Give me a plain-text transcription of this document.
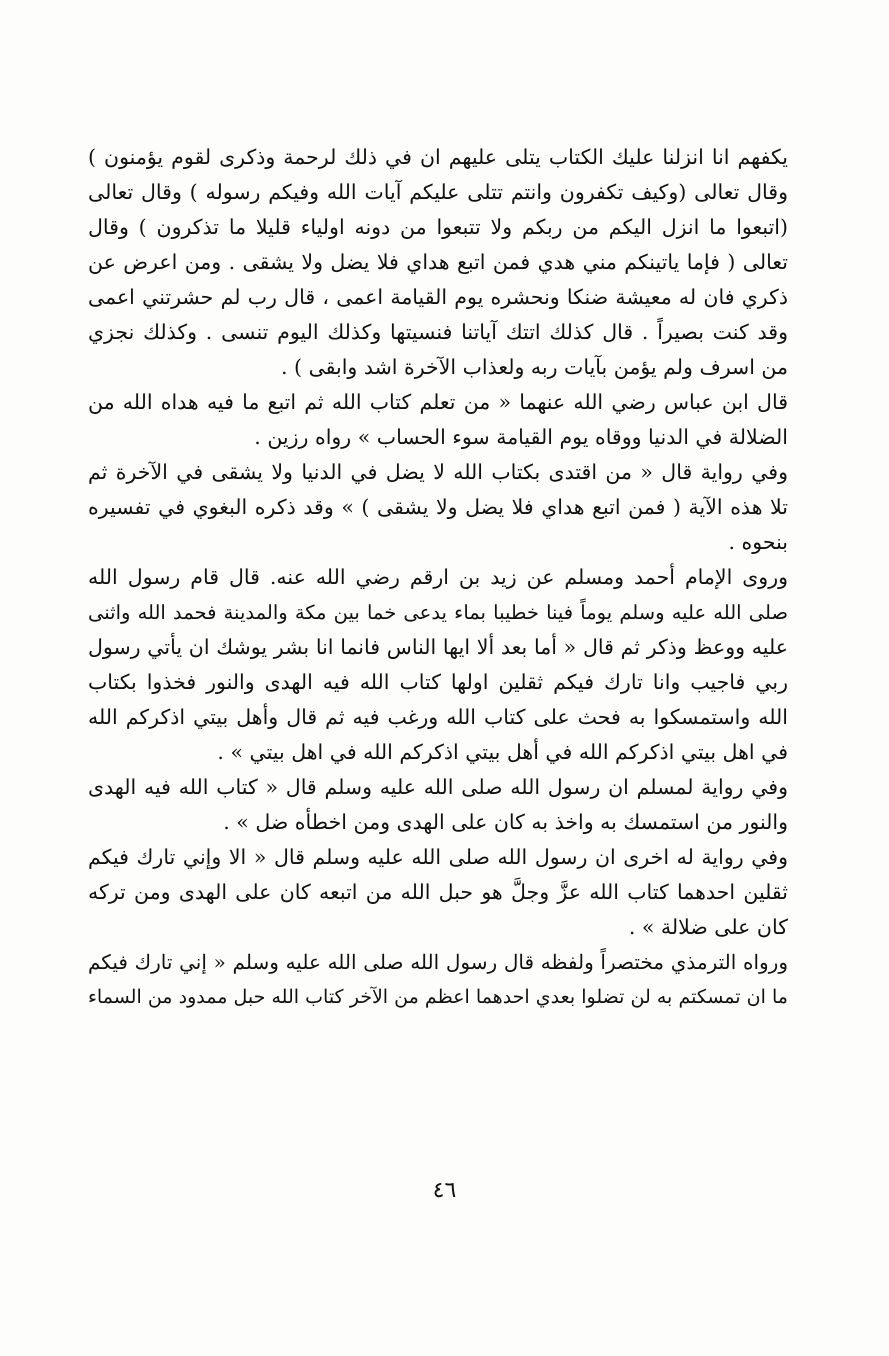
يكفهم انا انزلنا عليك الكتاب يتلى عليهم ان في ذلك لرحمة وذكرى لقوم يؤمنون )
وقال تعالى (وكيف تكفرون وانتم تتلى عليكم آيات الله وفيكم رسوله ) وقال تعالى
(اتبعوا ما انزل اليكم من ربكم ولا تتبعوا من دونه اولياء قليلا ما تذكرون ) وقال
تعالى ( فإما ياتينكم مني هدي فمن اتبع هداي فلا يضل ولا يشقى . ومن اعرض عن
ذكري فان له معيشة ضنكا ونحشره يوم القيامة اعمى ، قال رب لم حشرتني اعمى
وقد كنت بصيراً . قال كذلك اتتك آياتنا فنسيتها وكذلك اليوم تنسى . وكذلك نجزي
من اسرف ولم يؤمن بآيات ربه ولعذاب الآخرة اشد وابقى ) .
قال ابن عباس رضي الله عنهما « من تعلم كتاب الله ثم اتبع ما فيه هداه الله من
الضلالة في الدنيا ووقاه يوم القيامة سوء الحساب » رواه رزين .
وفي رواية قال « من اقتدى بكتاب الله لا يضل في الدنيا ولا يشقى في الآخرة ثم
تلا هذه الآية ( فمن اتبع هداي فلا يضل ولا يشقى ) » وقد ذكره البغوي في تفسيره
بنحوه .
وروى الإمام أحمد ومسلم عن زيد بن ارقم رضي الله عنه. قال قام رسول الله
صلى الله عليه وسلم يوماً فينا خطيبا بماء يدعى خما بين مكة والمدينة فحمد الله واثنى
عليه ووعظ وذكر ثم قال « أما بعد ألا ايها الناس فانما انا بشر يوشك ان يأتي رسول
ربي فاجيب وانا تارك فيكم ثقلين اولها كتاب الله فيه الهدى والنور فخذوا بكتاب
الله واستمسكوا به فحث على كتاب الله ورغب فيه ثم قال وأهل بيتي اذكركم الله
في اهل بيتي اذكركم الله في أهل بيتي اذكركم الله في اهل بيتي » .
وفي رواية لمسلم ان رسول الله صلى الله عليه وسلم قال « كتاب الله فيه الهدى
والنور من استمسك به واخذ به كان على الهدى ومن اخطأه ضل » .
وفي رواية له اخرى ان رسول الله صلى الله عليه وسلم قال « الا وإني تارك فيكم
ثقلين احدهما كتاب الله عزَّ وجلَّ هو حبل الله من اتبعه كان على الهدى ومن تركه
كان على ضلالة » .
ورواه الترمذي مختصراً ولفظه قال رسول الله صلى الله عليه وسلم « إني تارك فيكم
ما ان تمسكتم به لن تضلوا بعدي احدهما اعظم من الآخر كتاب الله حبل ممدود من السماء
٤٦
